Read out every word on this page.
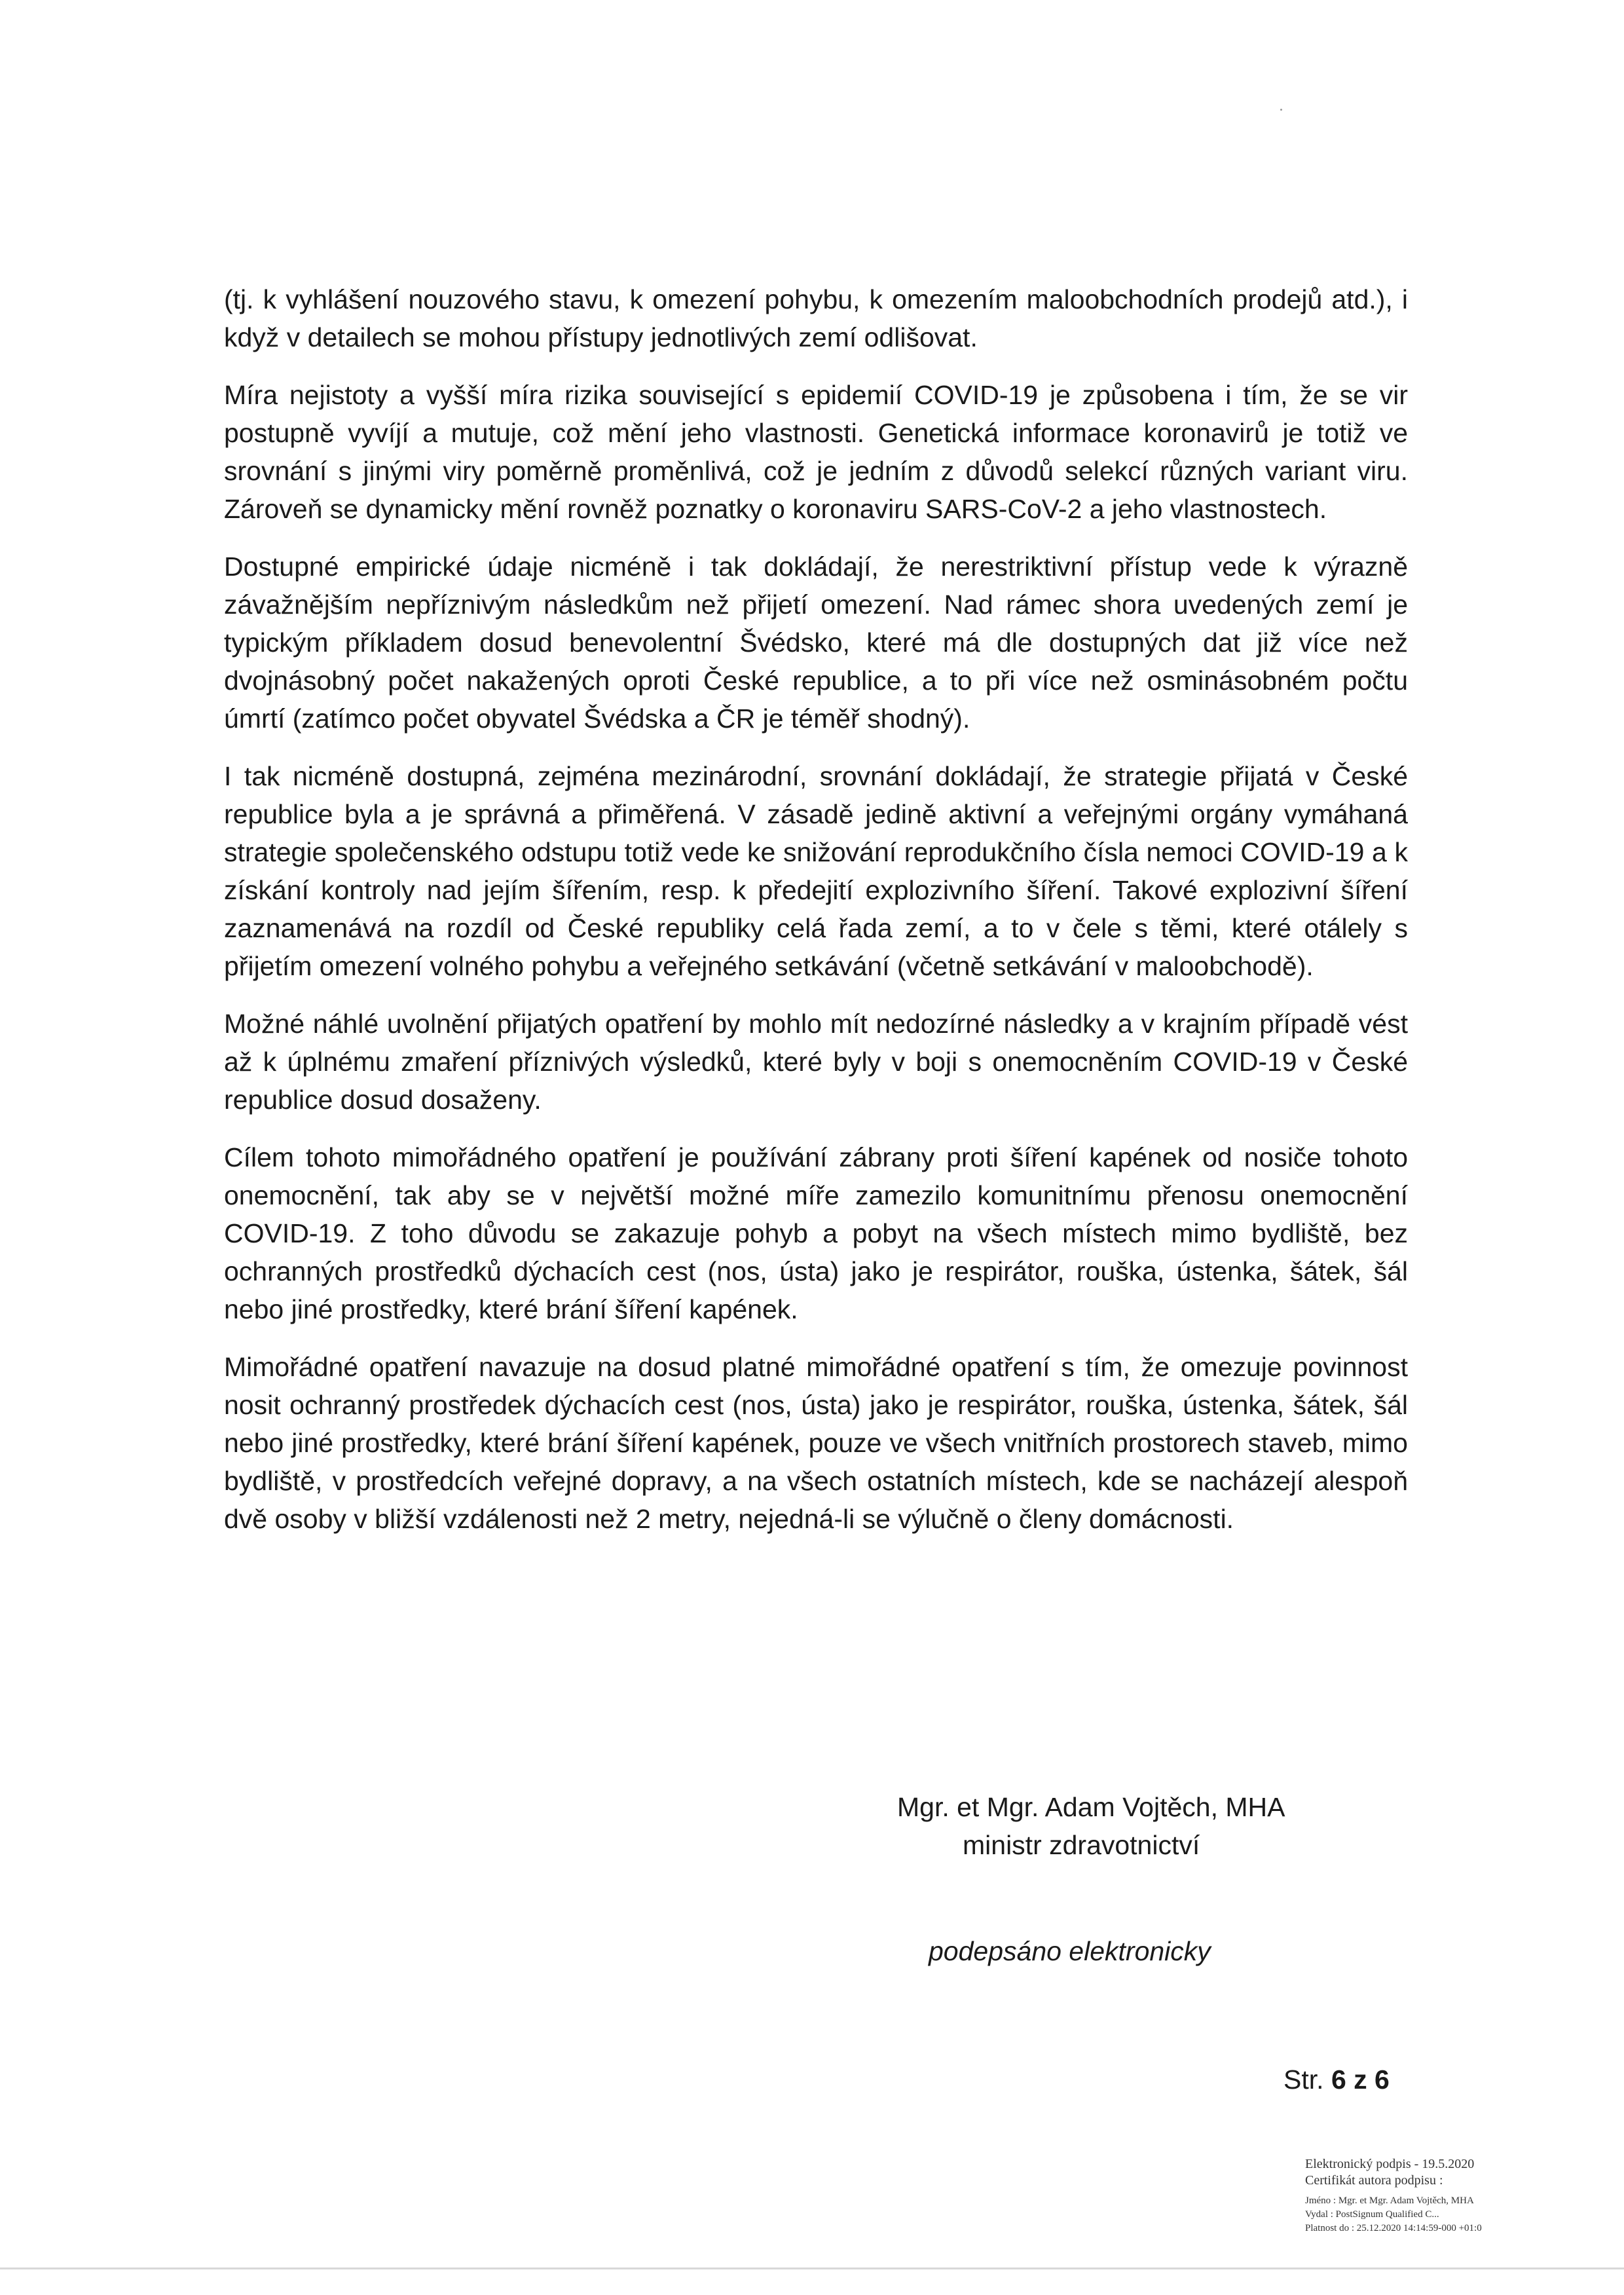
(tj. k vyhlášení nouzového stavu, k omezení pohybu, k omezením maloobchodních prodejů atd.), i když v detailech se mohou přístupy jednotlivých zemí odlišovat.

Míra nejistoty a vyšší míra rizika související s epidemií COVID-19 je způsobena i tím, že se vir postupně vyvíjí a mutuje, což mění jeho vlastnosti. Genetická informace koronavirů je totiž ve srovnání s jinými viry poměrně proměnlivá, což je jedním z důvodů selekcí různých variant viru. Zároveň se dynamicky mění rovněž poznatky o koronaviru SARS-CoV-2 a jeho vlastnostech.

Dostupné empirické údaje nicméně i tak dokládají, že nerestriktivní přístup vede k výrazně závažnějším nepříznivým následkům než přijetí omezení. Nad rámec shora uvedených zemí je typickým příkladem dosud benevolentní Švédsko, které má dle dostupných dat již více než dvojnásobný počet nakažených oproti České republice, a to při více než osminásobném počtu úmrtí (zatímco počet obyvatel Švédska a ČR je téměř shodný).

I tak nicméně dostupná, zejména mezinárodní, srovnání dokládají, že strategie přijatá v České republice byla a je správná a přiměřená. V zásadě jedině aktivní a veřejnými orgány vymáhaná strategie společenského odstupu totiž vede ke snižování reprodukčního čísla nemoci COVID-19 a k získání kontroly nad jejím šířením, resp. k předejití explozivního šíření. Takové explozivní šíření zaznamenává na rozdíl od České republiky celá řada zemí, a to v čele s těmi, které otálely s přijetím omezení volného pohybu a veřejného setkávání (včetně setkávání v maloobchodě).

Možné náhlé uvolnění přijatých opatření by mohlo mít nedozírné následky a v krajním případě vést až k úplnému zmaření příznivých výsledků, které byly v boji s onemocněním COVID-19 v České republice dosud dosaženy.

Cílem tohoto mimořádného opatření je používání zábrany proti šíření kapének od nosiče tohoto onemocnění, tak aby se v největší možné míře zamezilo komunitnímu přenosu onemocnění COVID-19. Z toho důvodu se zakazuje pohyb a pobyt na všech místech mimo bydliště, bez ochranných prostředků dýchacích cest (nos, ústa) jako je respirátor, rouška, ústenka, šátek, šál nebo jiné prostředky, které brání šíření kapének.

Mimořádné opatření navazuje na dosud platné mimořádné opatření s tím, že omezuje povinnost nosit ochranný prostředek dýchacích cest (nos, ústa) jako je respirátor, rouška, ústenka, šátek, šál nebo jiné prostředky, které brání šíření kapének, pouze ve všech vnitřních prostorech staveb, mimo bydliště, v prostředcích veřejné dopravy, a na všech ostatních místech, kde se nacházejí alespoň dvě osoby v bližší vzdálenosti než 2 metry, nejedná-li se výlučně o členy domácnosti.

Mgr. et Mgr. Adam Vojtěch, MHA
ministr zdravotnictví
podepsáno elektronicky
Str. 6 z 6
Elektronický podpis - 19.5.2020
Certifikát autora podpisu :
Jméno : Mgr. et Mgr. Adam Vojtěch, MHA
Vydal : PostSignum Qualified C...
Platnost do : 25.12.2020 14:14:59-000 +01:0
